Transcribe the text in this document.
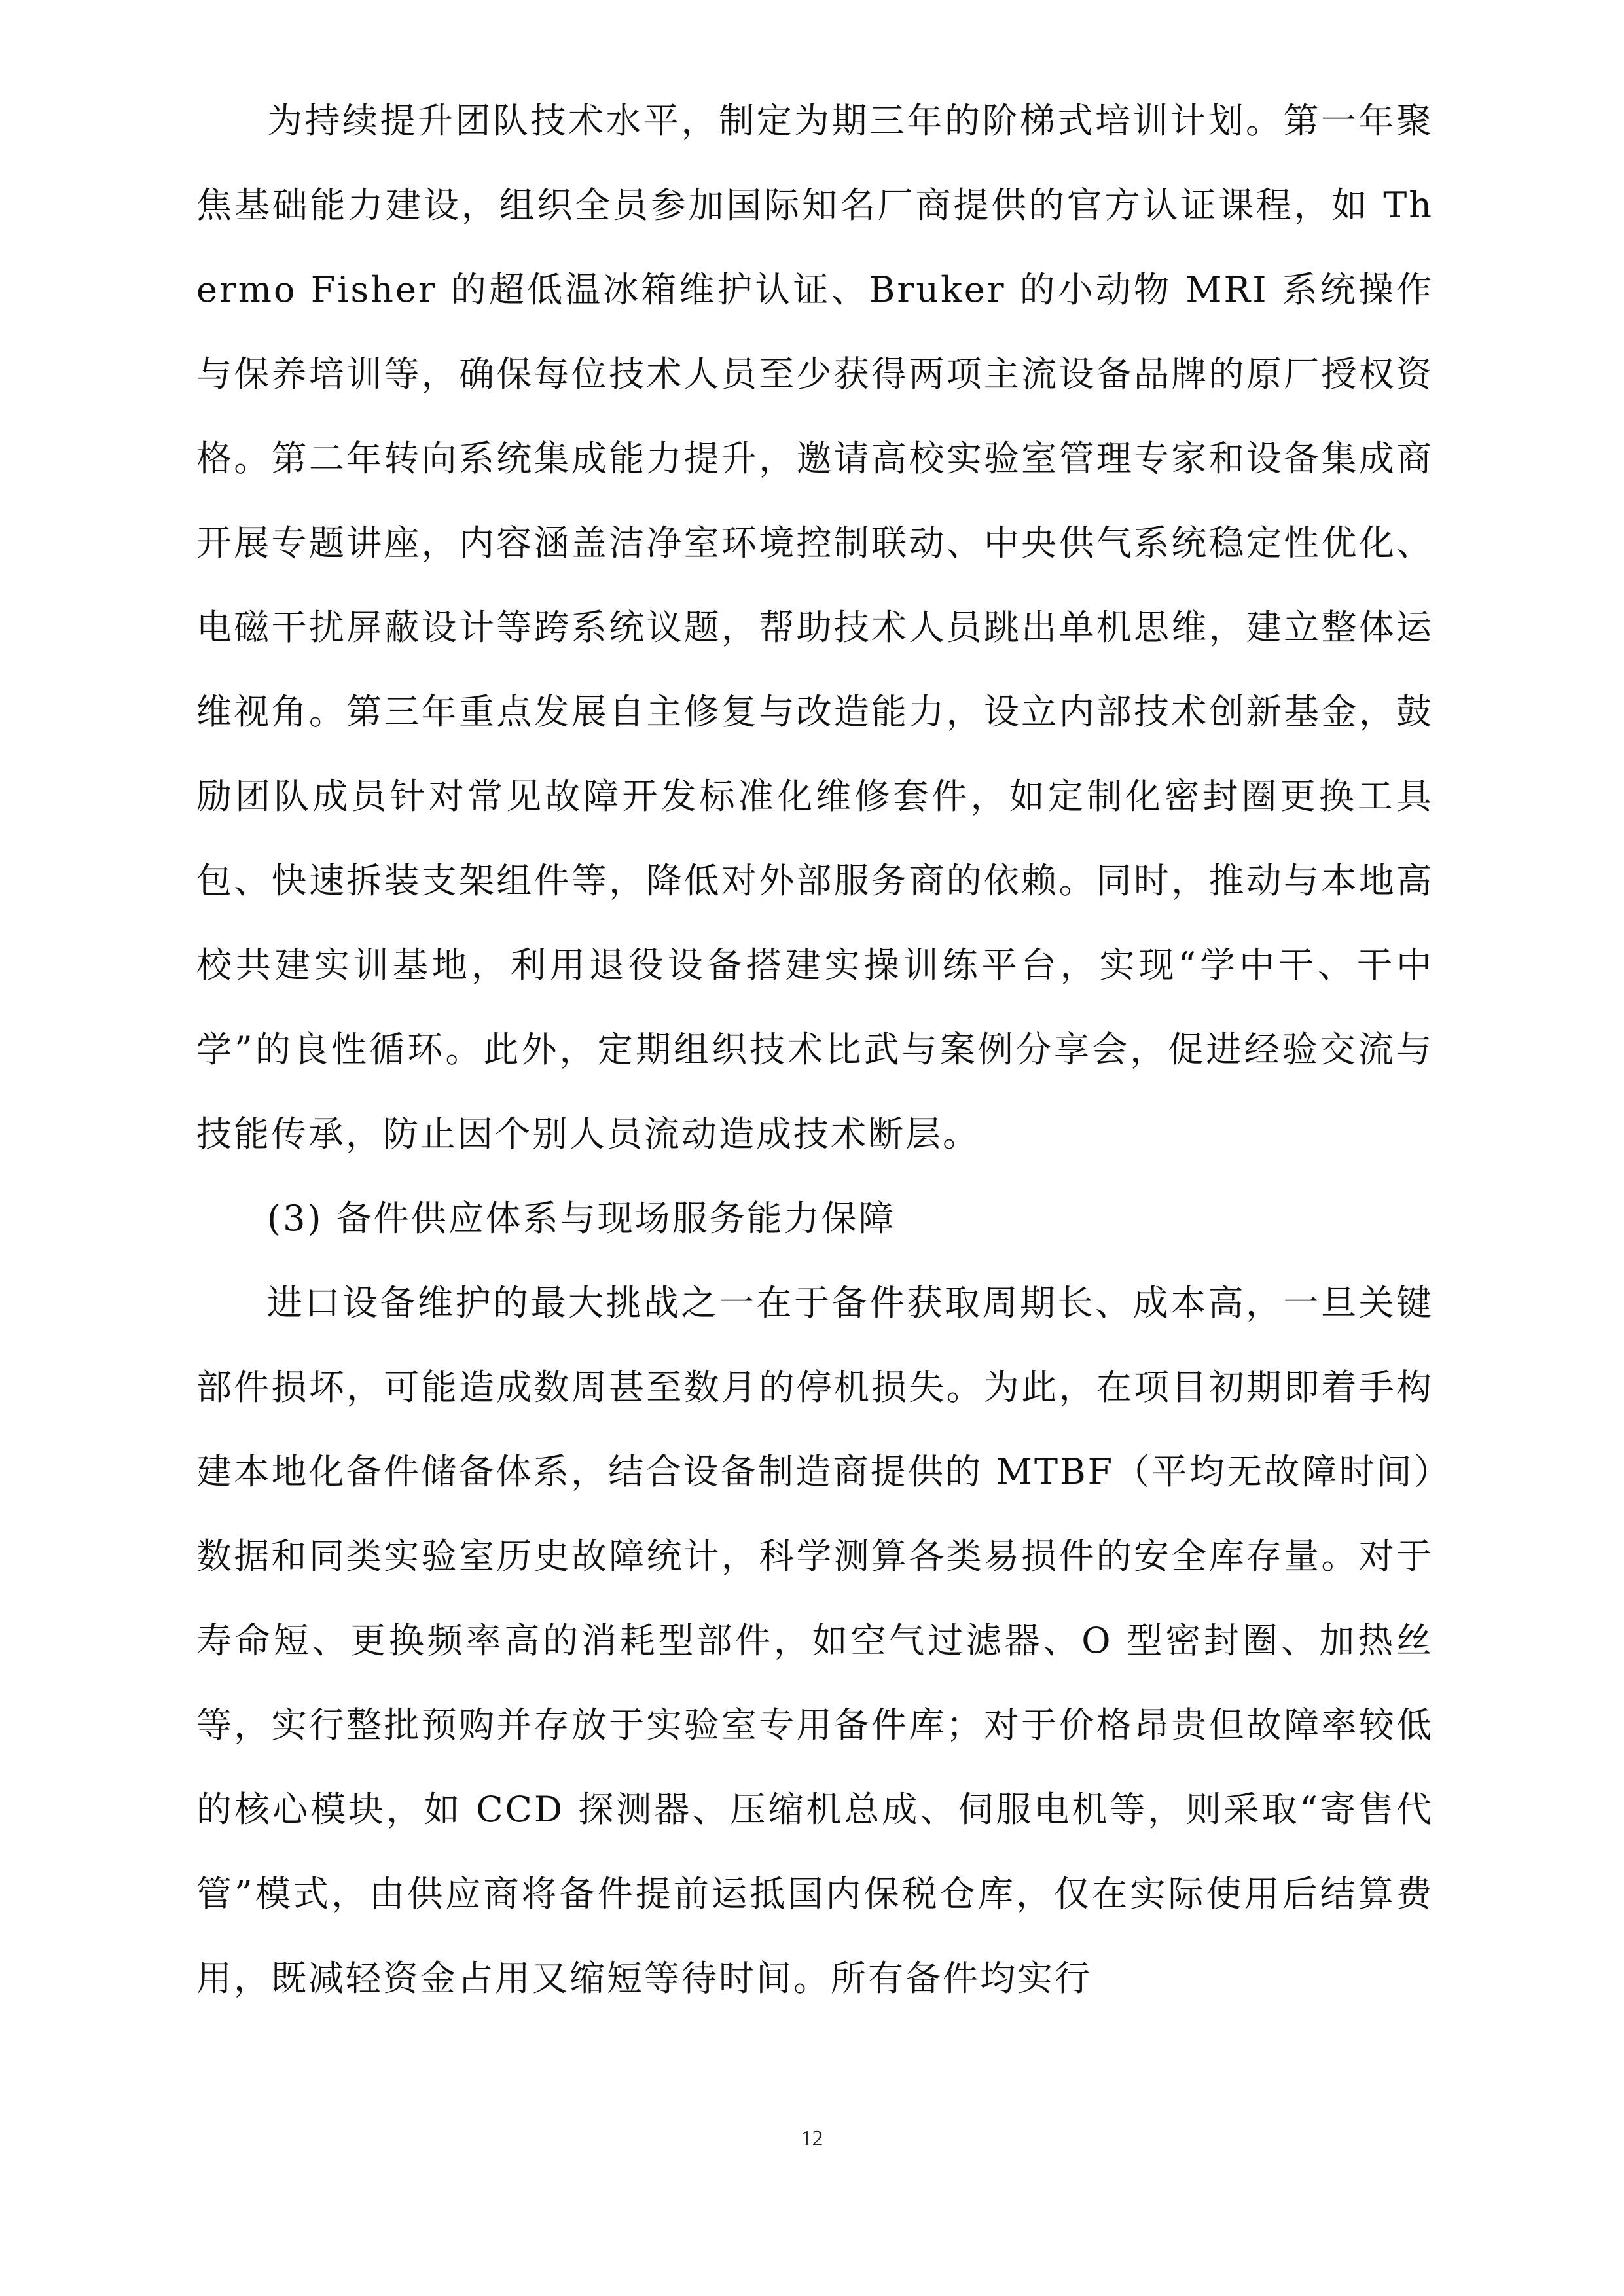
为持续提升团队技术水平，制定为期三年的阶梯式培训计划。第一年聚焦基础能力建设，组织全员参加国际知名厂商提供的官方认证课程，如 Thermo Fisher 的超低温冰箱维护认证、Bruker 的小动物 MRI 系统操作与保养培训等，确保每位技术人员至少获得两项主流设备品牌的原厂授权资格。第二年转向系统集成能力提升，邀请高校实验室管理专家和设备集成商开展专题讲座，内容涵盖洁净室环境控制联动、中央供气系统稳定性优化、电磁干扰屏蔽设计等跨系统议题，帮助技术人员跳出单机思维，建立整体运维视角。第三年重点发展自主修复与改造能力，设立内部技术创新基金，鼓励团队成员针对常见故障开发标准化维修套件，如定制化密封圈更换工具包、快速拆装支架组件等，降低对外部服务商的依赖。同时，推动与本地高校共建实训基地，利用退役设备搭建实操训练平台，实现“学中干、干中学”的良性循环。此外，定期组织技术比武与案例分享会，促进经验交流与技能传承，防止因个别人员流动造成技术断层。

(3) 备件供应体系与现场服务能力保障

进口设备维护的最大挑战之一在于备件获取周期长、成本高，一旦关键部件损坏，可能造成数周甚至数月的停机损失。为此，在项目初期即着手构建本地化备件储备体系，结合设备制造商提供的 MTBF（平均无故障时间）数据和同类实验室历史故障统计，科学测算各类易损件的安全库存量。对于寿命短、更换频率高的消耗型部件，如空气过滤器、O 型密封圈、加热丝等，实行整批预购并存放于实验室专用备件库；对于价格昂贵但故障率较低的核心模块，如 CCD 探测器、压缩机总成、伺服电机等，则采取“寄售代管”模式，由供应商将备件提前运抵国内保税仓库，仅在实际使用后结算费用，既减轻资金占用又缩短等待时间。所有备件均实行

12
